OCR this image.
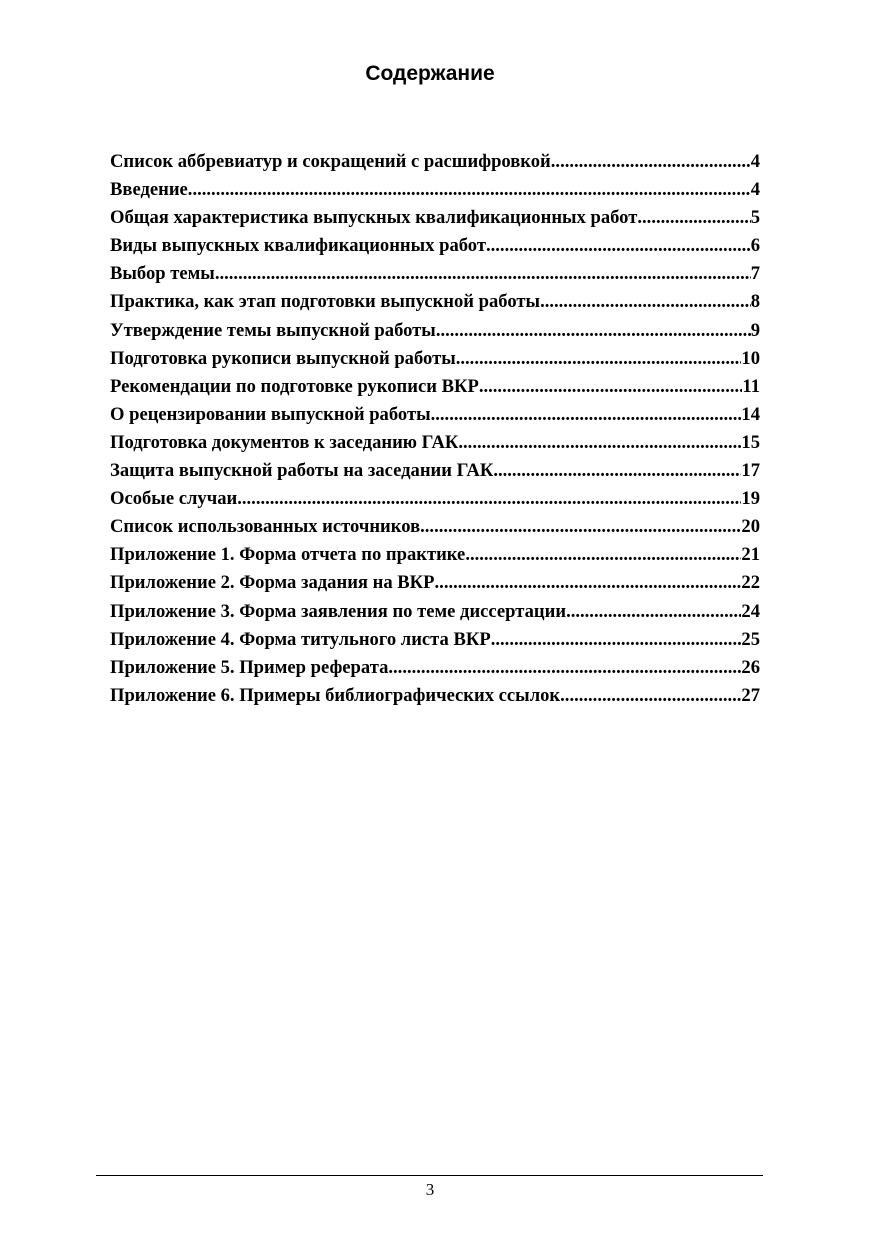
Содержание
Список аббревиатур и сокращений с расшифровкой .....	4
Введение .....	4
Общая характеристика выпускных квалификационных работ .....	5
Виды выпускных квалификационных работ .....	6
Выбор темы .....	7
Практика, как этап подготовки выпускной работы .....	8
Утверждение темы выпускной работы .....	9
Подготовка рукописи выпускной работы .....	10
Рекомендации по подготовке рукописи ВКР .....	11
О рецензировании выпускной работы .....	14
Подготовка документов к заседанию ГАК .....	15
Защита выпускной работы на заседании ГАК .....	17
Особые случаи .....	19
Список использованных источников .....	20
Приложение 1. Форма отчета по практике .....	21
Приложение 2. Форма задания на ВКР .....	22
Приложение 3. Форма заявления по теме диссертации .....	24
Приложение 4. Форма титульного листа ВКР .....	25
Приложение 5. Пример реферата .....	26
Приложение 6. Примеры библиографических ссылок .....	27
3
